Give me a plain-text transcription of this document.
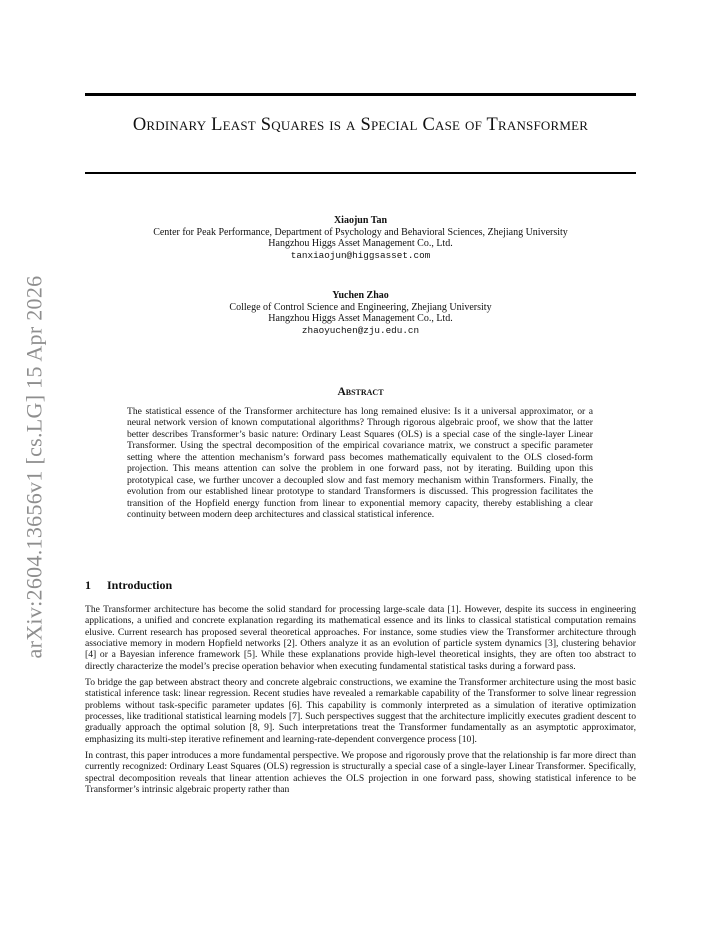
arXiv:2604.13656v1 [cs.LG] 15 Apr 2026
Ordinary Least Squares is a Special Case of Transformer
Xiaojun Tan
Center for Peak Performance, Department of Psychology and Behavioral Sciences, Zhejiang University
Hangzhou Higgs Asset Management Co., Ltd.
tanxiaojun@higgsasset.com
Yuchen Zhao
College of Control Science and Engineering, Zhejiang University
Hangzhou Higgs Asset Management Co., Ltd.
zhaoyuchen@zju.edu.cn
Abstract
The statistical essence of the Transformer architecture has long remained elusive: Is it a universal approximator, or a neural network version of known computational algorithms? Through rigorous algebraic proof, we show that the latter better describes Transformer’s basic nature: Ordinary Least Squares (OLS) is a special case of the single-layer Linear Transformer. Using the spectral decomposition of the empirical covariance matrix, we construct a specific parameter setting where the attention mechanism’s forward pass becomes mathematically equivalent to the OLS closed-form projection. This means attention can solve the problem in one forward pass, not by iterating. Building upon this prototypical case, we further uncover a decoupled slow and fast memory mechanism within Transformers. Finally, the evolution from our established linear prototype to standard Transformers is discussed. This progression facilitates the transition of the Hopfield energy function from linear to exponential memory capacity, thereby establishing a clear continuity between modern deep architectures and classical statistical inference.
1 Introduction

The Transformer architecture has become the solid standard for processing large-scale data [1]. However, despite its success in engineering applications, a unified and concrete explanation regarding its mathematical essence and its links to classical statistical computation remains elusive. Current research has proposed several theoretical approaches. For instance, some studies view the Transformer architecture through associative memory in modern Hopfield networks [2]. Others analyze it as an evolution of particle system dynamics [3], clustering behavior [4] or a Bayesian inference framework [5]. While these explanations provide high-level theoretical insights, they are often too abstract to directly characterize the model’s precise operation behavior when executing fundamental statistical tasks during a forward pass.

To bridge the gap between abstract theory and concrete algebraic constructions, we examine the Transformer architecture using the most basic statistical inference task: linear regression. Recent studies have revealed a remarkable capability of the Transformer to solve linear regression problems without task-specific parameter updates [6]. This capability is commonly interpreted as a simulation of iterative optimization processes, like traditional statistical learning models [7]. Such perspectives suggest that the architecture implicitly executes gradient descent to gradually approach the optimal solution [8, 9]. Such interpretations treat the Transformer fundamentally as an asymptotic approximator, emphasizing its multi-step iterative refinement and learning-rate-dependent convergence process [10].

In contrast, this paper introduces a more fundamental perspective. We propose and rigorously prove that the relationship is far more direct than currently recognized: Ordinary Least Squares (OLS) regression is structurally a special case of a single-layer Linear Transformer. Specifically, spectral decomposition reveals that linear attention achieves the OLS projection in one forward pass, showing statistical inference to be Transformer’s intrinsic algebraic property rather than
